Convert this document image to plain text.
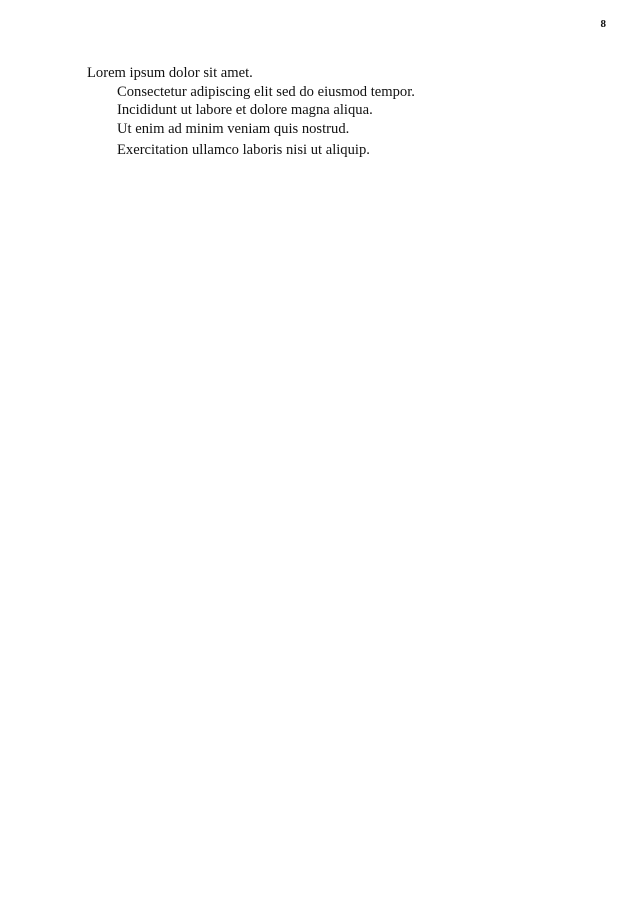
8

Lorem ipsum dolor sit amet.

Consectetur adipiscing elit sed do eiusmod tempor.

Incididunt ut labore et dolore magna aliqua.

Ut enim ad minim veniam quis nostrud.

Exercitation ullamco laboris nisi ut aliquip.
